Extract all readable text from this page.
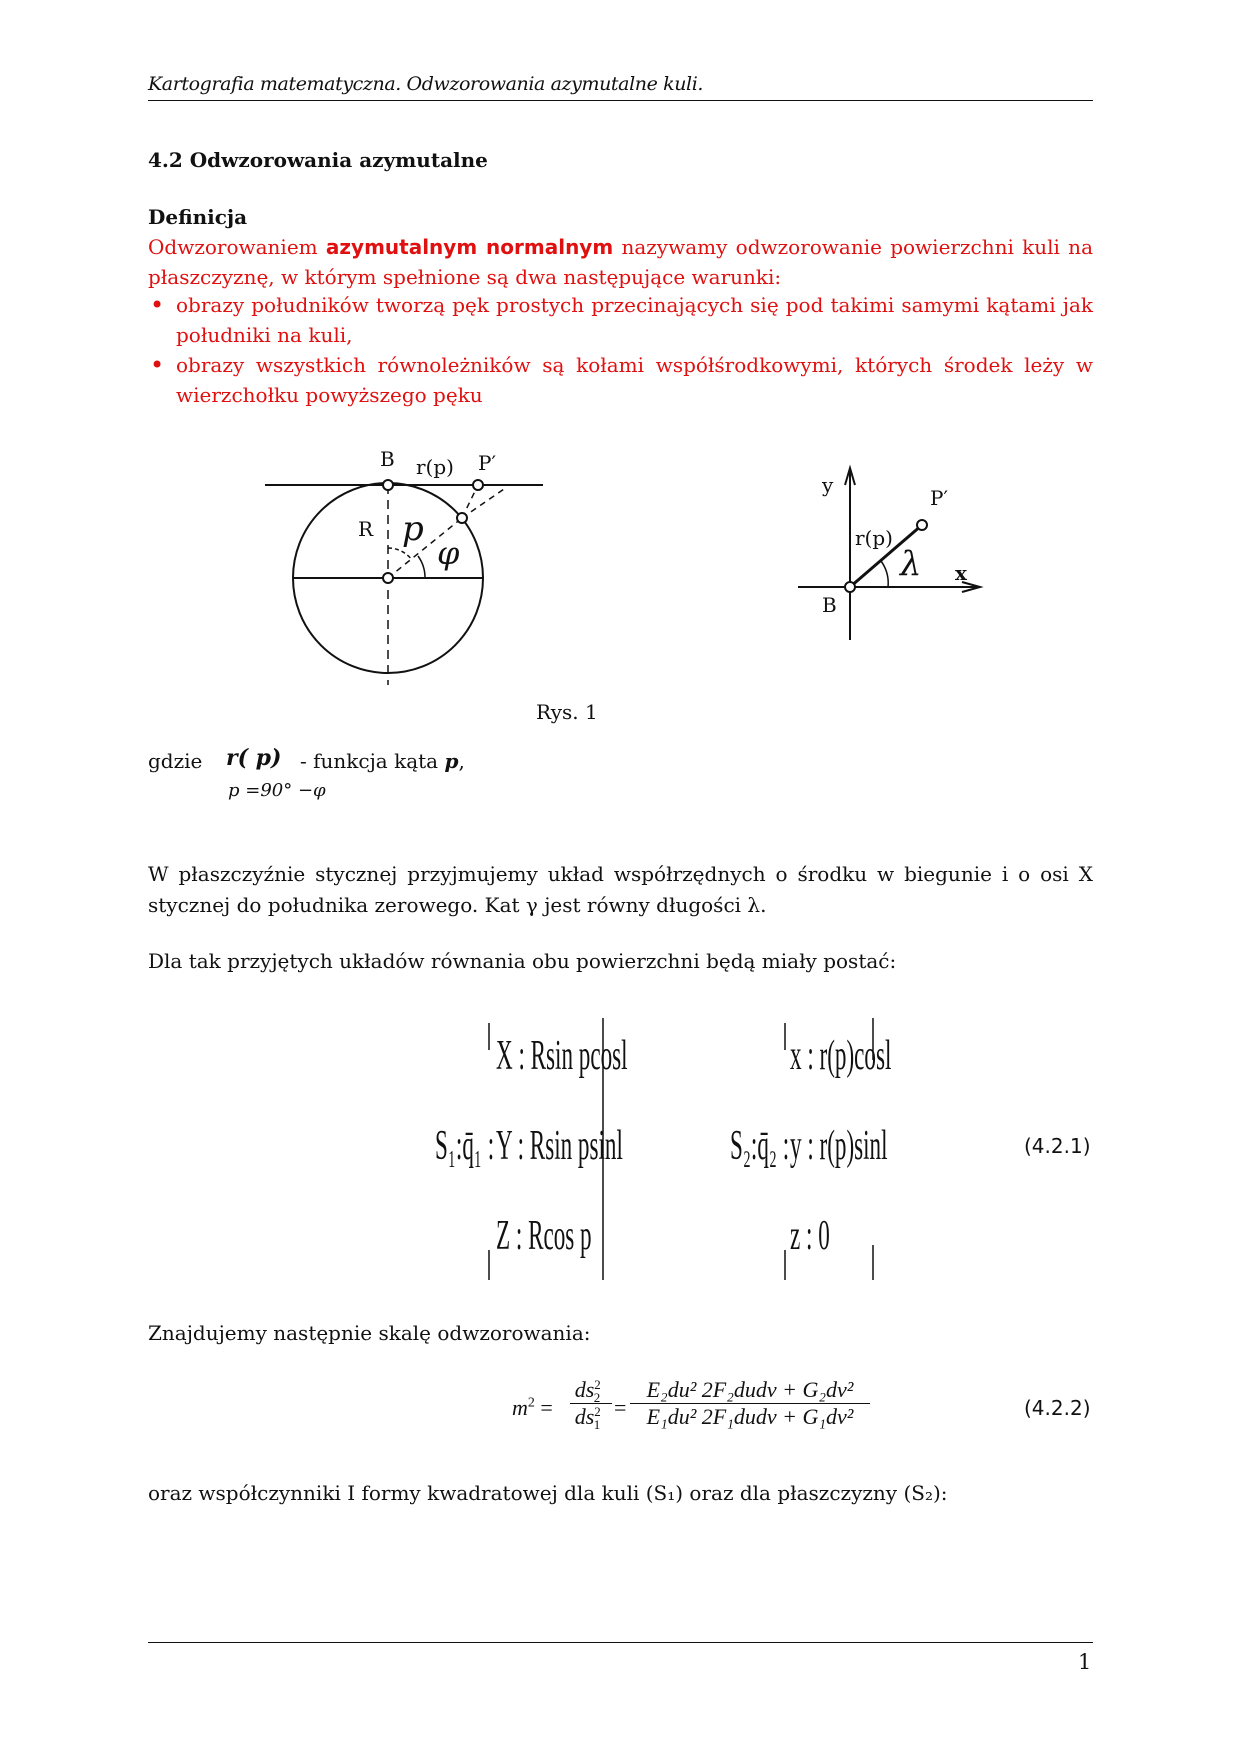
Kartografia matematyczna. Odwzorowania azymutalne kuli.
4.2 Odwzorowania azymutalne
Definicja
Odwzorowaniem azymutalnym normalnym nazywamy odwzorowanie powierzchni kuli na płaszczyznę, w którym spełnione są dwa następujące warunki:
• obrazy południków tworzą pęk prostych przecinających się pod takimi samymi kątami jak południki na kuli,
• obrazy wszystkich równoleżników są kołami współśrodkowymi, których środek leży w wierzchołku powyższego pęku
B r(p) P′
R p
φ
y
x
P′
r(p)
λ
B
Rys. 1
gdzie r( p) - funkcja kąta p,
p =90° −φ
W płaszczyźnie stycznej przyjmujemy układ współrzędnych o środku w biegunie i o osi X stycznej do południka zerowego. Kat γ jest równy długości λ.
Dla tak przyjętych układów równania obu powierzchni będą miały postać:
S₁:q̄₁ :
X : Rsin pcosl
Y : Rsin psinl
Z : Rcos p
S₂:q̄₂ :
x : r(p)cosl
y : r(p)sinl
z : 0
(4.2.1)
Znajdujemy następnie skalę odwzorowania:
$m^2 = \frac{ds^2_2}{ds^2_1}$ =
E₂du² 2F₂dudv + G₂dv²
E₁du² 2F₁dudv + G₁dv²	(4.2.2)
oraz współczynniki I formy kwadratowej dla kuli (S₁) oraz dla płaszczyzny (S₂):
1
